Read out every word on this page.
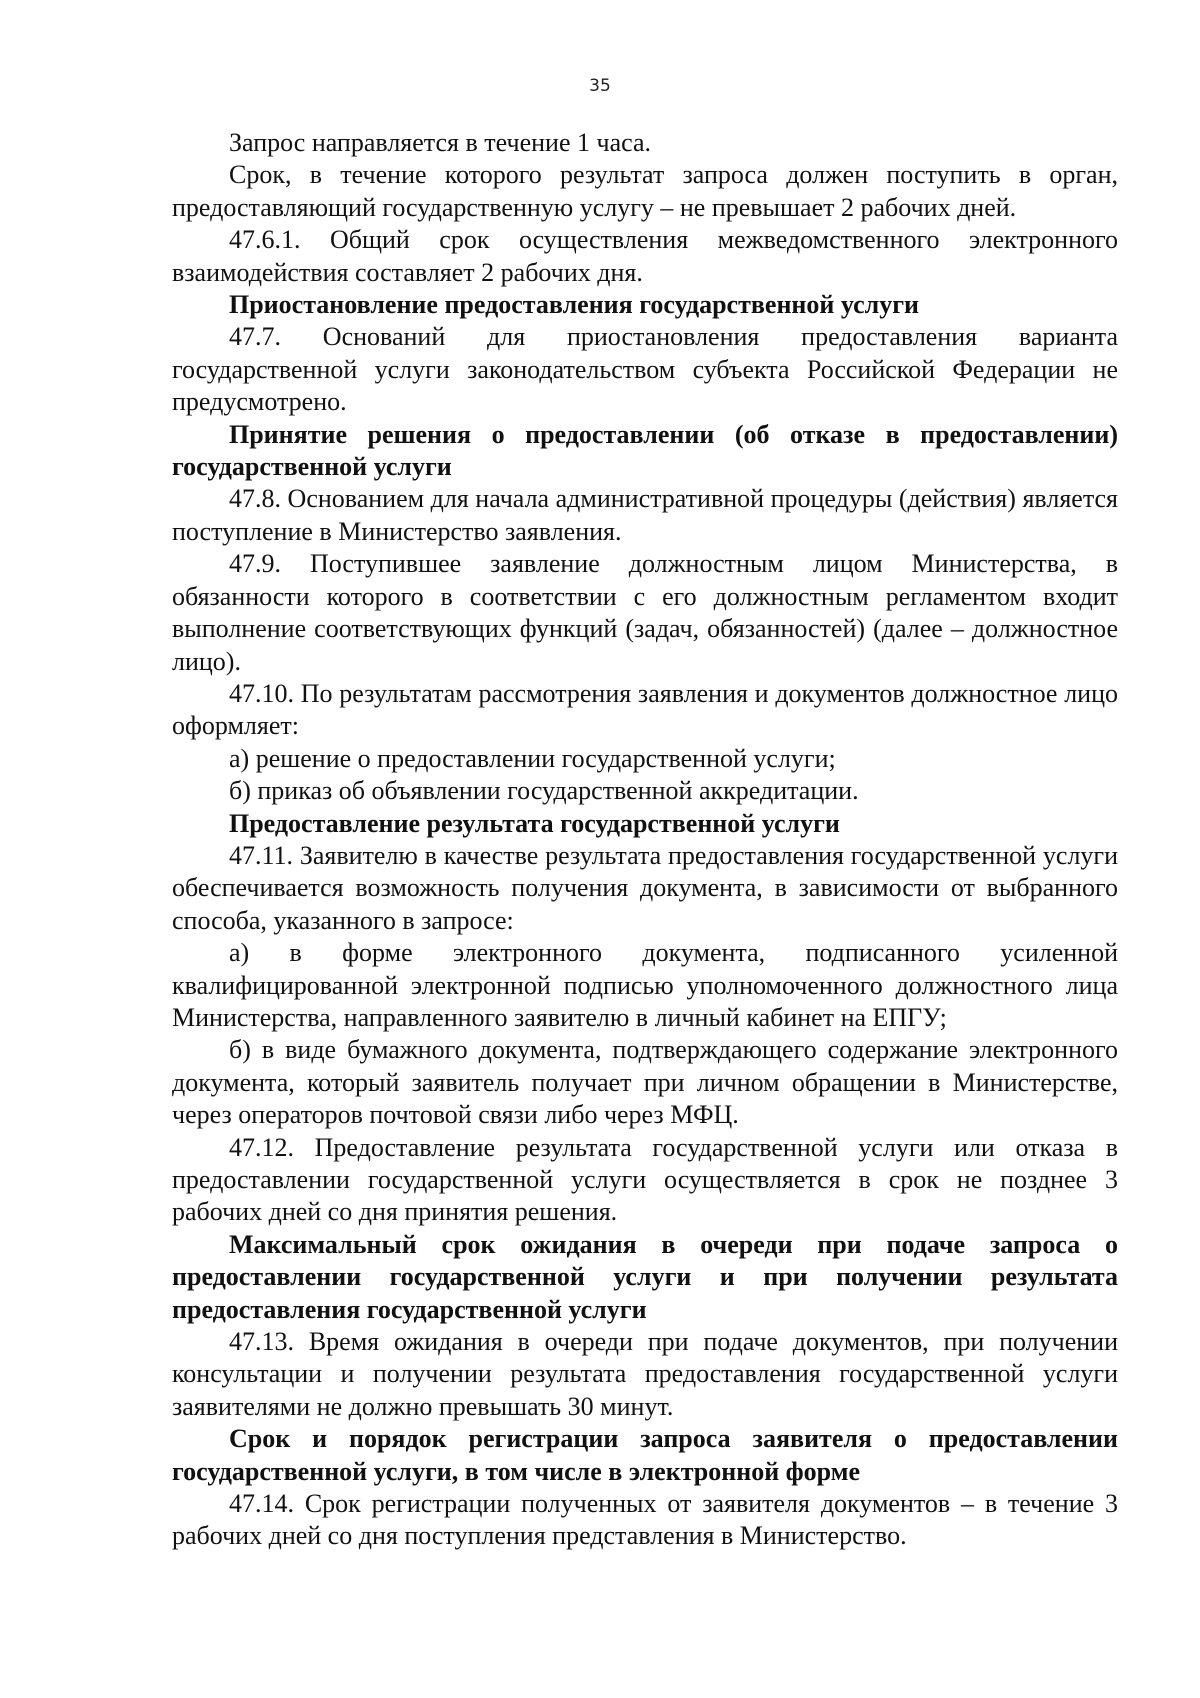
35

Запрос направляется в течение 1 часа.

Срок, в течение которого результат запроса должен поступить в орган, предоставляющий государственную услугу – не превышает 2 рабочих дней.

47.6.1. Общий срок осуществления межведомственного электронного взаимодействия составляет 2 рабочих дня.

Приостановление предоставления государственной услуги

47.7. Оснований для приостановления предоставления варианта государственной услуги законодательством субъекта Российской Федерации не предусмотрено.

Принятие решения о предоставлении (об отказе в предоставлении) государственной услуги

47.8. Основанием для начала административной процедуры (действия) является поступление в Министерство заявления.

47.9. Поступившее заявление должностным лицом Министерства, в обязанности которого в соответствии с его должностным регламентом входит выполнение соответствующих функций (задач, обязанностей) (далее – должностное лицо).

47.10. По результатам рассмотрения заявления и документов должностное лицо оформляет:

а) решение о предоставлении государственной услуги;

б) приказ об объявлении государственной аккредитации.

Предоставление результата государственной услуги

47.11. Заявителю в качестве результата предоставления государственной услуги обеспечивается возможность получения документа, в зависимости от выбранного способа, указанного в запросе:

а) в форме электронного документа, подписанного усиленной квалифицированной электронной подписью уполномоченного должностного лица Министерства, направленного заявителю в личный кабинет на ЕПГУ;

б) в виде бумажного документа, подтверждающего содержание электронного документа, который заявитель получает при личном обращении в Министерстве, через операторов почтовой связи либо через МФЦ.

47.12. Предоставление результата государственной услуги или отказа в предоставлении государственной услуги осуществляется в срок не позднее 3 рабочих дней со дня принятия решения.

Максимальный срок ожидания в очереди при подаче запроса о предоставлении государственной услуги и при получении результата предоставления государственной услуги

47.13. Время ожидания в очереди при подаче документов, при получении консультации и получении результата предоставления государственной услуги заявителями не должно превышать 30 минут.

Срок и порядок регистрации запроса заявителя о предоставлении государственной услуги, в том числе в электронной форме

47.14. Срок регистрации полученных от заявителя документов – в течение 3 рабочих дней со дня поступления представления в Министерство.
